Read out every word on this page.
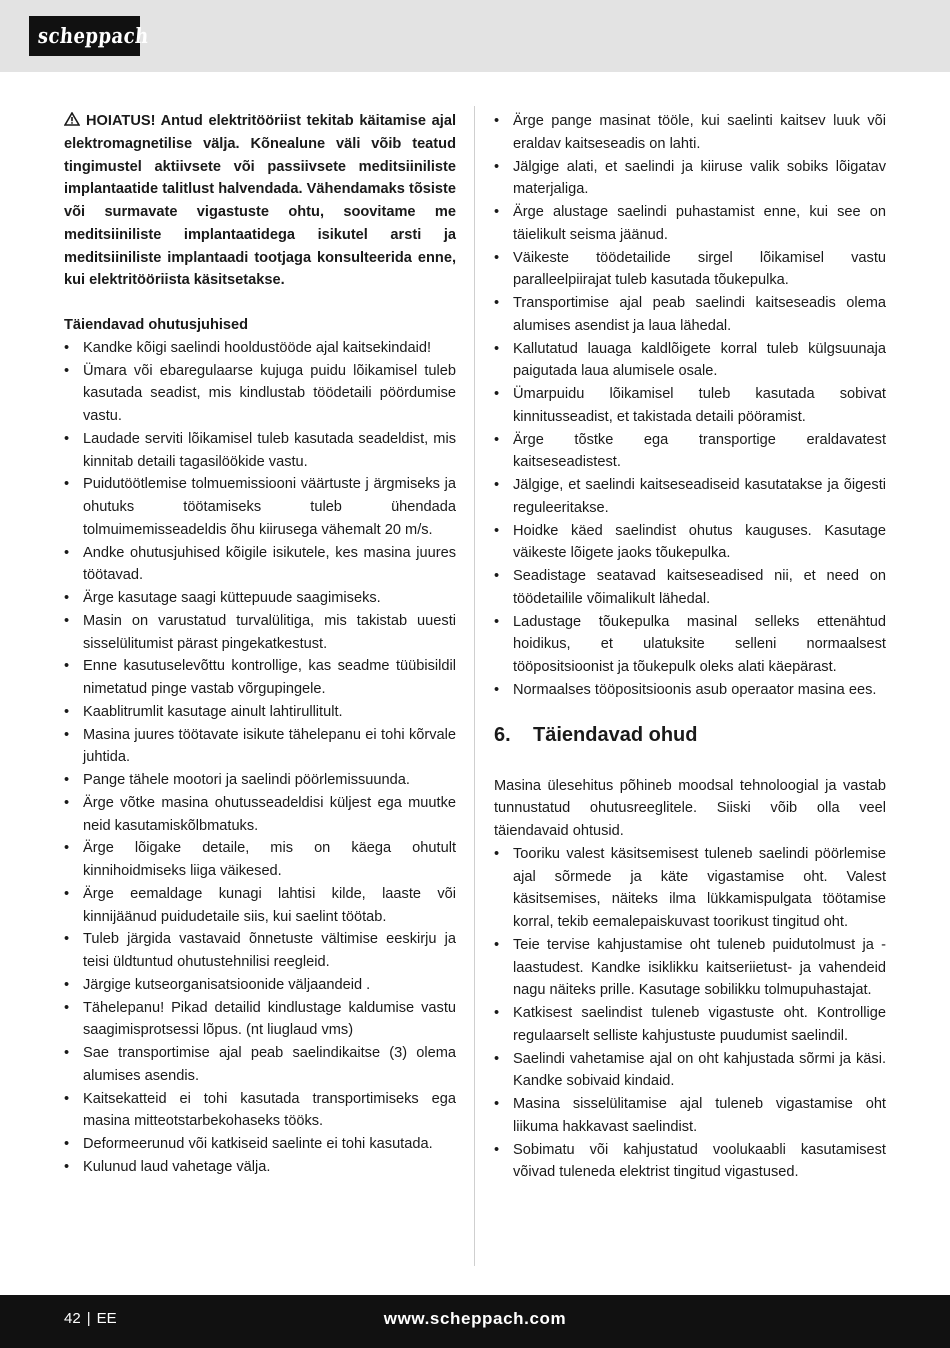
scheppach

HOIATUS! Antud elektritööriist tekitab käitamise ajal elektromagnetilise välja. Kõnealune väli võib teatud tingimustel aktiivsete või passiivsete meditsiiniliste implantaatide talitlust halvendada. Vähendamaks tõsiste või surmavate vigastuste ohtu, soovitame me meditsiiniliste implantaatidega isikutel arsti ja meditsiiniliste implantaadi tootjaga konsulteerida enne, kui elektritööriista käsitsetakse.

Täiendavad ohutusjuhised

• Kandke kõigi saelindi hooldustööde ajal kaitsekindaid!
• Ümara või ebaregulaarse kujuga puidu lõikamisel tuleb kasutada seadist, mis kindlustab töödetaili pöördumise vastu.
• Laudade serviti lõikamisel tuleb kasutada seadeldist, mis kinnitab detaili tagasilöökide vastu.
• Puidutöötlemise tolmuemissiooni väärtuste j ärgmiseks ja ohutuks töötamiseks tuleb ühendada tolmuimemisseadeldis õhu kiirusega vähemalt 20 m/s.
• Andke ohutusjuhised kõigile isikutele, kes masina juures töötavad.
• Ärge kasutage saagi küttepuude saagimiseks.
• Masin on varustatud turvalülitiga, mis takistab uuesti sisselülitumist pärast pingekatkestust.
• Enne kasutuselevõttu kontrollige, kas seadme tüübisildil nimetatud pinge vastab võrgupingele.
• Kaablitrumlit kasutage ainult lahtirullitult.
• Masina juures töötavate isikute tähelepanu ei tohi kõrvale juhtida.
• Pange tähele mootori ja saelindi pöörlemissuunda.
• Ärge võtke masina ohutusseadeldisi küljest ega muutke neid kasutamiskõlbmatuks.
• Ärge lõigake detaile, mis on käega ohutult kinnihoidmiseks liiga väikesed.
• Ärge eemaldage kunagi lahtisi kilde, laaste või kinnijäänud puidudetaile siis, kui saelint töötab.
• Tuleb järgida vastavaid õnnetuste vältimise eeskirju ja teisi üldtuntud ohutustehnilisi reegleid.
• Järgige kutseorganisatsioonide väljaandeid .
• Tähelepanu! Pikad detailid kindlustage kaldumise vastu saagimisprotsessi lõpus. (nt liuglaud vms)
• Sae transportimise ajal peab saelindikaitse (3) olema alumises asendis.
• Kaitsekatteid ei tohi kasutada transportimiseks ega masina mitteotstarbekohaseks tööks.
• Deformeerunud või katkiseid saelinte ei tohi kasutada.
• Kulunud laud vahetage välja.
• Ärge pange masinat tööle, kui saelinti kaitsev luuk või eraldav kaitseseadis on lahti.
• Jälgige alati, et saelindi ja kiiruse valik sobiks lõigatav materjaliga.
• Ärge alustage saelindi puhastamist enne, kui see on täielikult seisma jäänud.
• Väikeste töödetailide sirgel lõikamisel vastu paralleelpiirajat tuleb kasutada tõukepulka.
• Transportimise ajal peab saelindi kaitseseadis olema alumises asendist ja laua lähedal.
• Kallutatud lauaga kaldlõigete korral tuleb külgsuunaja paigutada laua alumisele osale.
• Ümarpuidu lõikamisel tuleb kasutada sobivat kinnitusseadist, et takistada detaili pööramist.
• Ärge tõstke ega transportige eraldavatest kaitseseadistest.
• Jälgige, et saelindi kaitseseadiseid kasutatakse ja õigesti reguleeritakse.
• Hoidke käed saelindist ohutus kauguses. Kasutage väikeste lõigete jaoks tõukepulka.
• Seadistage seatavad kaitseseadised nii, et need on töödetailile võimalikult lähedal.
• Ladustage tõukepulka masinal selleks ettenähtud hoidikus, et ulatuksite selleni normaalsest tööpositsioonist ja tõukepulk oleks alati käepärast.
• Normaalses tööpositsioonis asub operaator masina ees.
6. Täiendavad ohud

Masina ülesehitus põhineb moodsal tehnoloogial ja vastab tunnustatud ohutusreeglitele. Siiski võib olla veel täiendavaid ohtusid.

• Tooriku valest käsitsemisest tuleneb saelindi pöörlemise ajal sõrmede ja käte vigastamise oht. Valest käsitsemises, näiteks ilma lükkamispulgata töötamise korral, tekib eemalepaiskuvast toorikust tingitud oht.
• Teie tervise kahjustamise oht tuleneb puidutolmust ja -laastudest. Kandke isiklikku kaitseriietust- ja vahendeid nagu näiteks prille. Kasutage sobilikku tolmupuhastajat.
• Katkisest saelindist tuleneb vigastuste oht. Kontrollige regulaarselt selliste kahjustuste puudumist saelindil.
• Saelindi vahetamise ajal on oht kahjustada sõrmi ja käsi. Kandke sobivaid kindaid.
• Masina sisselülitamise ajal tuleneb vigastamise oht liikuma hakkavast saelindist.
• Sobimatu või kahjustatud voolukaabli kasutamisest võivad tuleneda elektrist tingitud vigastused.
42 | EE	www.scheppach.com
